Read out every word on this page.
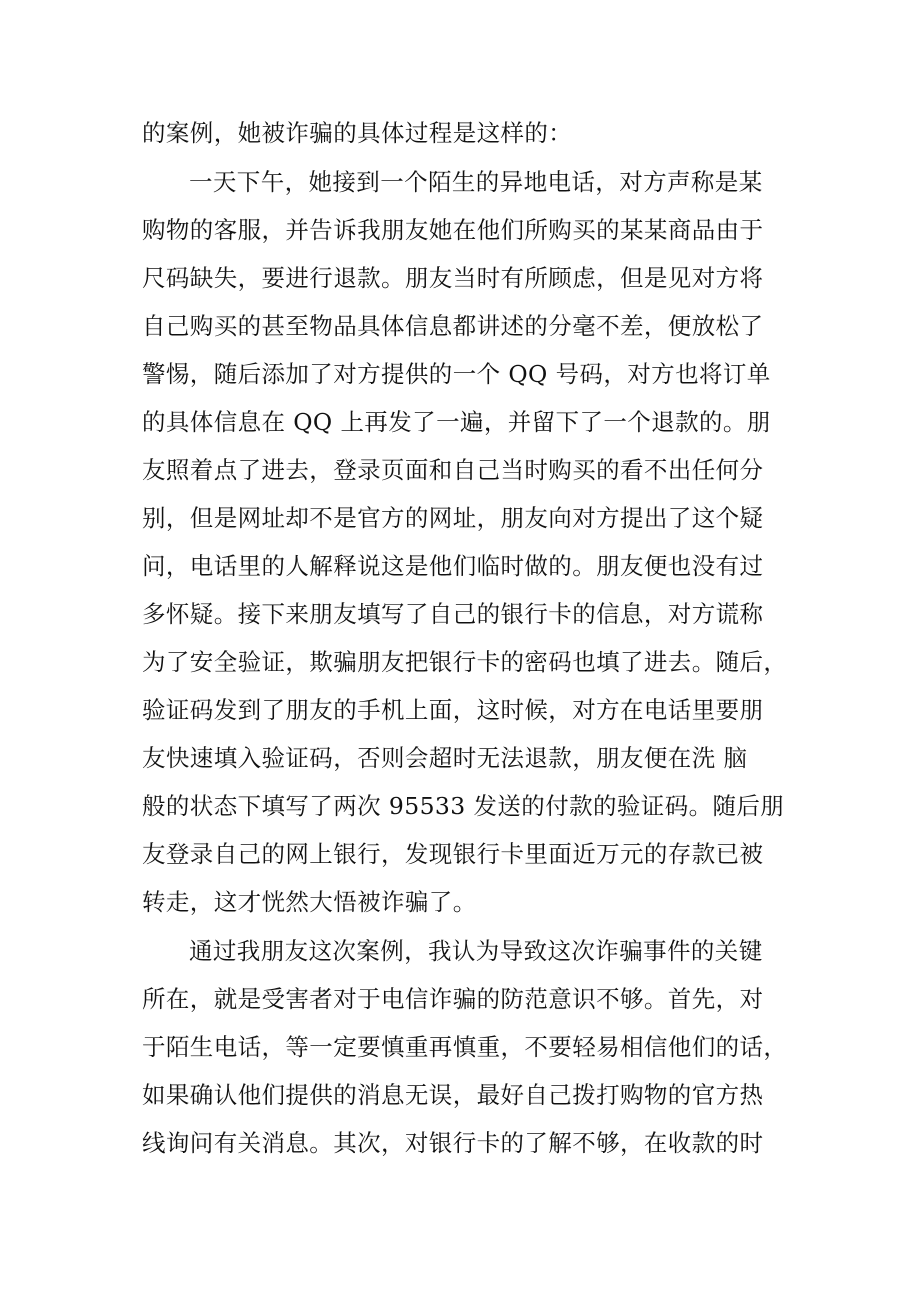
的案例，她被诈骗的具体过程是这样的：
一天下午，她接到一个陌生的异地电话，对方声称是某
购物的客服，并告诉我朋友她在他们所购买的某某商品由于
尺码缺失，要进行退款。朋友当时有所顾虑，但是见对方将
自己购买的甚至物品具体信息都讲述的分毫不差，便放松了
警惕，随后添加了对方提供的一个 QQ 号码，对方也将订单
的具体信息在 QQ 上再发了一遍，并留下了一个退款的。朋
友照着点了进去，登录页面和自己当时购买的看不出任何分
别，但是网址却不是官方的网址，朋友向对方提出了这个疑
问，电话里的人解释说这是他们临时做的。朋友便也没有过
多怀疑。接下来朋友填写了自己的银行卡的信息，对方谎称
为了安全验证，欺骗朋友把银行卡的密码也填了进去。随后，
验证码发到了朋友的手机上面，这时候，对方在电话里要朋
友快速填入验证码，否则会超时无法退款，朋友便在洗 脑
般的状态下填写了两次 95533 发送的付款的验证码。随后朋
友登录自己的网上银行，发现银行卡里面近万元的存款已被
转走，这才恍然大悟被诈骗了。
通过我朋友这次案例，我认为导致这次诈骗事件的关键
所在，就是受害者对于电信诈骗的防范意识不够。首先，对
于陌生电话，等一定要慎重再慎重，不要轻易相信他们的话，
如果确认他们提供的消息无误，最好自己拨打购物的官方热
线询问有关消息。其次，对银行卡的了解不够，在收款的时
